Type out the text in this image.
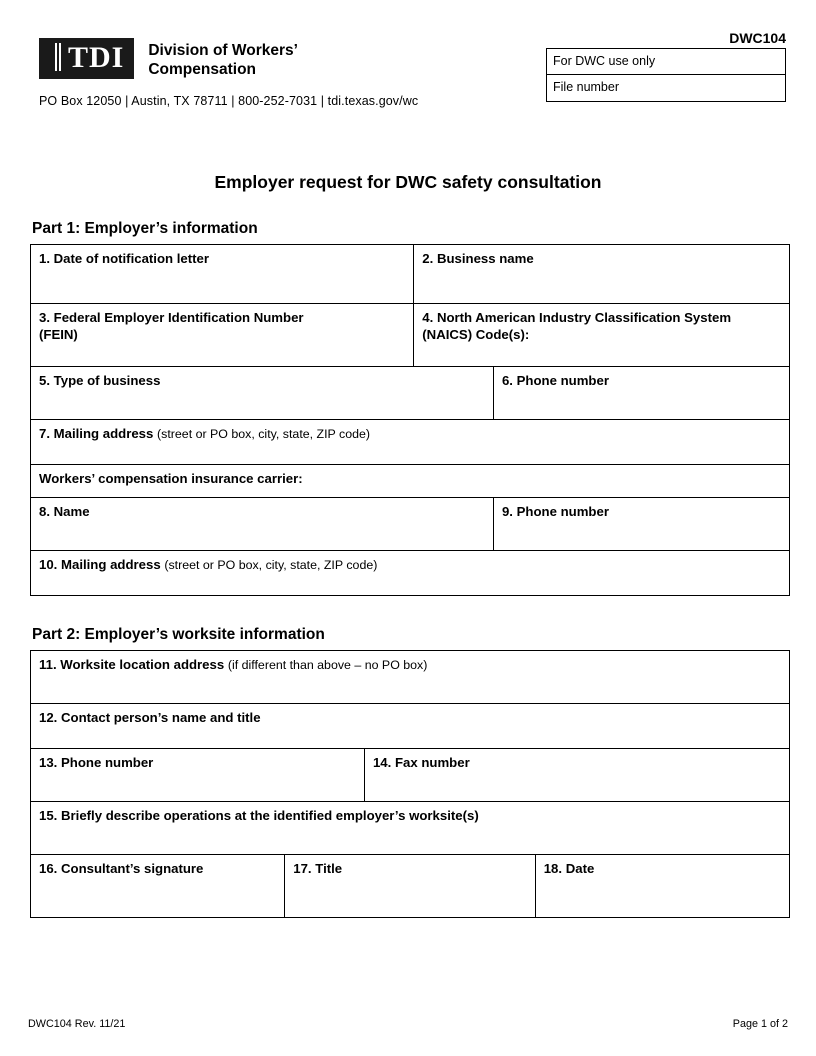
TDI	Division of Workers’
Compensation
PO Box 12050 | Austin, TX 78711 | 800-252-7031 | tdi.texas.gov/wc
DWC104
For DWC use only
File number
Employer request for DWC safety consultation
Part 1: Employer’s information
1. Date of notification letter	2. Business name	
3. Federal Employer Identification Number
(FEIN)	4. North American Industry Classification System
(NAICS) Code(s):	
5. Type of business		6. Phone number
7. Mailing address (street or PO box, city, state, ZIP code)		
Workers’ compensation insurance carrier:		
8. Name		9. Phone number
10. Mailing address (street or PO box, city, state, ZIP code)		
Part 2: Employer’s worksite information
11. Worksite location address (if different than above – no PO box)			
12. Contact person’s name and title			
13. Phone number		14. Fax number	
15. Briefly describe operations at the identified employer’s worksite(s)			
16. Consultant’s signature	17. Title		18. Date
DWC104 Rev. 11/21	Page 1 of 2
